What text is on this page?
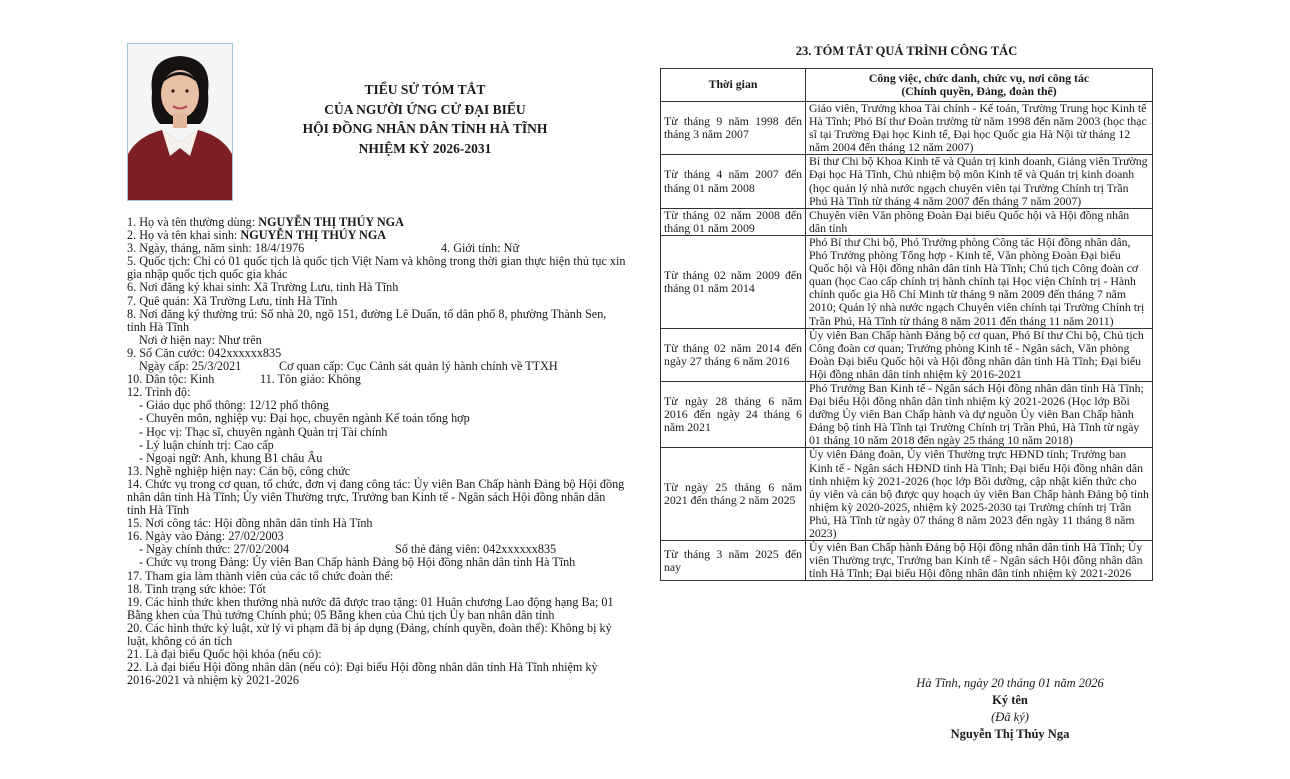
TIỂU SỬ TÓM TẮT
CỦA NGƯỜI ỨNG CỬ ĐẠI BIỂU
HỘI ĐỒNG NHÂN DÂN TỈNH HÀ TĨNH
NHIỆM KỲ 2026-2031
1. Họ và tên thường dùng: NGUYỄN THỊ THÚY NGA
2. Họ và tên khai sinh: NGUYỄN THỊ THÚY NGA
3. Ngày, tháng, năm sinh: 18/4/1976	4. Giới tính: Nữ
5. Quốc tịch: Chỉ có 01 quốc tịch là quốc tịch Việt Nam và không trong thời gian thực hiện thủ tục xin gia nhập quốc tịch quốc gia khác
6. Nơi đăng ký khai sinh: Xã Trường Lưu, tỉnh Hà Tĩnh
7. Quê quán: Xã Trường Lưu, tỉnh Hà Tĩnh
8. Nơi đăng ký thường trú: Số nhà 20, ngõ 151, đường Lê Duẩn, tổ dân phố 8, phường Thành Sen, tỉnh Hà Tĩnh
Nơi ở hiện nay: Như trên
9. Số Căn cước: 042xxxxxx835
Ngày cấp: 25/3/2021	Cơ quan cấp: Cục Cảnh sát quản lý hành chính về TTXH
10. Dân tộc: Kinh	11. Tôn giáo: Không
12. Trình độ:
- Giáo dục phổ thông: 12/12 phổ thông
- Chuyên môn, nghiệp vụ: Đại học, chuyên ngành Kế toán tổng hợp
- Học vị: Thạc sĩ, chuyên ngành Quản trị Tài chính
- Lý luận chính trị: Cao cấp
- Ngoại ngữ: Anh, khung B1 châu Âu
13. Nghề nghiệp hiện nay: Cán bộ, công chức
14. Chức vụ trong cơ quan, tổ chức, đơn vị đang công tác: Ủy viên Ban Chấp hành Đảng bộ Hội đồng nhân dân tỉnh Hà Tĩnh; Ủy viên Thường trực, Trưởng ban Kinh tế - Ngân sách Hội đồng nhân dân tỉnh Hà Tĩnh
15. Nơi công tác: Hội đồng nhân dân tỉnh Hà Tĩnh
16. Ngày vào Đảng: 27/02/2003
- Ngày chính thức: 27/02/2004	Số thẻ đảng viên: 042xxxxxx835
- Chức vụ trong Đảng: Ủy viên Ban Chấp hành Đảng bộ Hội đồng nhân dân tỉnh Hà Tĩnh
17. Tham gia làm thành viên của các tổ chức đoàn thể:
18. Tình trạng sức khỏe: Tốt
19. Các hình thức khen thưởng nhà nước đã được trao tặng: 01 Huân chương Lao động hạng Ba; 01 Bằng khen của Thủ tướng Chính phủ; 05 Bằng khen của Chủ tịch Ủy ban nhân dân tỉnh
20. Các hình thức kỷ luật, xử lý vi phạm đã bị áp dụng (Đảng, chính quyền, đoàn thể): Không bị kỷ luật, không có án tích
21. Là đại biểu Quốc hội khóa (nếu có):
22. Là đại biểu Hội đồng nhân dân (nếu có): Đại biểu Hội đồng nhân dân tỉnh Hà Tĩnh nhiệm kỳ 2016-2021 và nhiệm kỳ 2021-2026
23. TÓM TẮT QUÁ TRÌNH CÔNG TÁC
Thời gian	Công việc, chức danh, chức vụ, nơi công tác
(Chính quyền, Đảng, đoàn thể)

Từ tháng 9 năm 1998 đến tháng 3 năm 2007	Giáo viên, Trưởng khoa Tài chính - Kế toán, Trường Trung học Kinh tế Hà Tĩnh; Phó Bí thư Đoàn trường từ năm 1998 đến năm 2003 (học thạc sĩ tại Trường Đại học Kinh tế, Đại học Quốc gia Hà Nội từ tháng 12 năm 2004 đến tháng 12 năm 2007)
Từ tháng 4 năm 2007 đến tháng 01 năm 2008	Bí thư Chi bộ Khoa Kinh tế và Quản trị kinh doanh, Giảng viên Trường Đại học Hà Tĩnh, Chủ nhiệm bộ môn Kinh tế và Quản trị kinh doanh (học quản lý nhà nước ngạch chuyên viên tại Trường Chính trị Trần Phú Hà Tĩnh từ tháng 4 năm 2007 đến tháng 7 năm 2007)
Từ tháng 02 năm 2008 đến tháng 01 năm 2009	Chuyên viên Văn phòng Đoàn Đại biểu Quốc hội và Hội đồng nhân dân tỉnh
Từ tháng 02 năm 2009 đến tháng 01 năm 2014	Phó Bí thư Chi bộ, Phó Trưởng phòng Công tác Hội đồng nhân dân, Phó Trưởng phòng Tổng hợp - Kinh tế, Văn phòng Đoàn Đại biểu Quốc hội và Hội đồng nhân dân tỉnh Hà Tĩnh; Chủ tịch Công đoàn cơ quan (học Cao cấp chính trị hành chính tại Học viện Chính trị - Hành chính quốc gia Hồ Chí Minh từ tháng 9 năm 2009 đến tháng 7 năm 2010; Quản lý nhà nước ngạch Chuyên viên chính tại Trường Chính trị Trần Phú, Hà Tĩnh từ tháng 8 năm 2011 đến tháng 11 năm 2011)
Từ tháng 02 năm 2014 đến ngày 27 tháng 6 năm 2016	Ủy viên Ban Chấp hành Đảng bộ cơ quan, Phó Bí thư Chi bộ, Chủ tịch Công đoàn cơ quan; Trưởng phòng Kinh tế - Ngân sách, Văn phòng Đoàn Đại biểu Quốc hội và Hội đồng nhân dân tỉnh Hà Tĩnh; Đại biểu Hội đồng nhân dân tỉnh nhiệm kỳ 2016-2021
Từ ngày 28 tháng 6 năm 2016 đến ngày 24 tháng 6 năm 2021	Phó Trưởng Ban Kinh tế - Ngân sách Hội đồng nhân dân tỉnh Hà Tĩnh; Đại biểu Hội đồng nhân dân tỉnh nhiệm kỳ 2021-2026 (Học lớp Bồi dưỡng Ủy viên Ban Chấp hành và dự nguồn Ủy viên Ban Chấp hành Đảng bộ tỉnh Hà Tĩnh tại Trường Chính trị Trần Phú, Hà Tĩnh từ ngày 01 tháng 10 năm 2018 đến ngày 25 tháng 10 năm 2018)
Từ ngày 25 tháng 6 năm 2021 đến tháng 2 năm 2025	Ủy viên Đảng đoàn, Ủy viên Thường trực HĐND tỉnh; Trưởng ban Kinh tế - Ngân sách HĐND tỉnh Hà Tĩnh; Đại biểu Hội đồng nhân dân tỉnh nhiệm kỳ 2021-2026 (học lớp Bồi dưỡng, cập nhật kiến thức cho ủy viên và cán bộ được quy hoạch ủy viên Ban Chấp hành Đảng bộ tỉnh nhiệm kỳ 2020-2025, nhiệm kỳ 2025-2030 tại Trường chính trị Trần Phú, Hà Tĩnh từ ngày 07 tháng 8 năm 2023 đến ngày 11 tháng 8 năm 2023)
Từ tháng 3 năm 2025 đến nay	Ủy viên Ban Chấp hành Đảng bộ Hội đồng nhân dân tỉnh Hà Tĩnh; Ủy viên Thường trực, Trưởng ban Kinh tế - Ngân sách Hội đồng nhân dân tỉnh Hà Tĩnh; Đại biểu Hội đồng nhân dân tỉnh nhiệm kỳ 2021-2026
Hà Tĩnh, ngày 20 tháng 01 năm 2026
Ký tên
(Đã ký)
Nguyễn Thị Thúy Nga
